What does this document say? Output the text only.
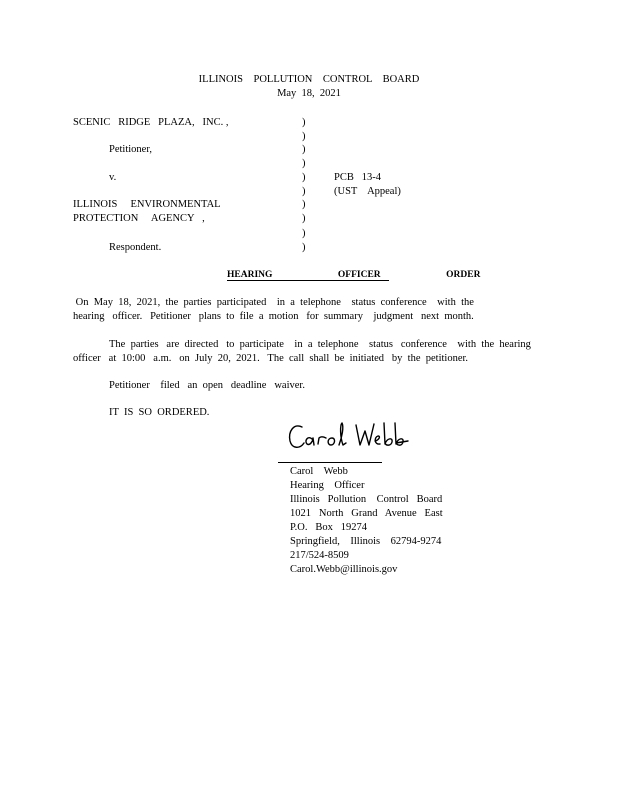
ILLINOIS    POLLUTION    CONTROL    BOARD
May  18,  2021
SCENIC   RIDGE   PLAZA,   INC. ,
Petitioner,
v.
ILLINOIS     ENVIRONMENTAL
PROTECTION     AGENCY   ,
Respondent.
)
)
)
)
)
)
)
)
)
)
PCB   13-4
(UST    Appeal)
HEARING    OFFICER    ORDER
On  May  18,  2021,  the  parties  participated    in  a  telephone    status  conference    with  the
hearing   officer.   Petitioner   plans  to  file  a  motion   for  summary    judgment   next  month.
The  parties   are  directed   to  participate    in  a  telephone    status   conference    with  the  hearing
officer   at  10:00   a.m.   on  July  20,  2021.   The  call  shall  be  initiated   by  the  petitioner.
Petitioner    filed   an  open   deadline   waiver.
IT  IS  SO  ORDERED.
Carol    Webb
Hearing    Officer
Illinois   Pollution    Control   Board
1021   North   Grand   Avenue   East
P.O.   Box   19274
Springfield,    Illinois    62794-9274
217/524-8509
Carol.Webb@illinois.gov
